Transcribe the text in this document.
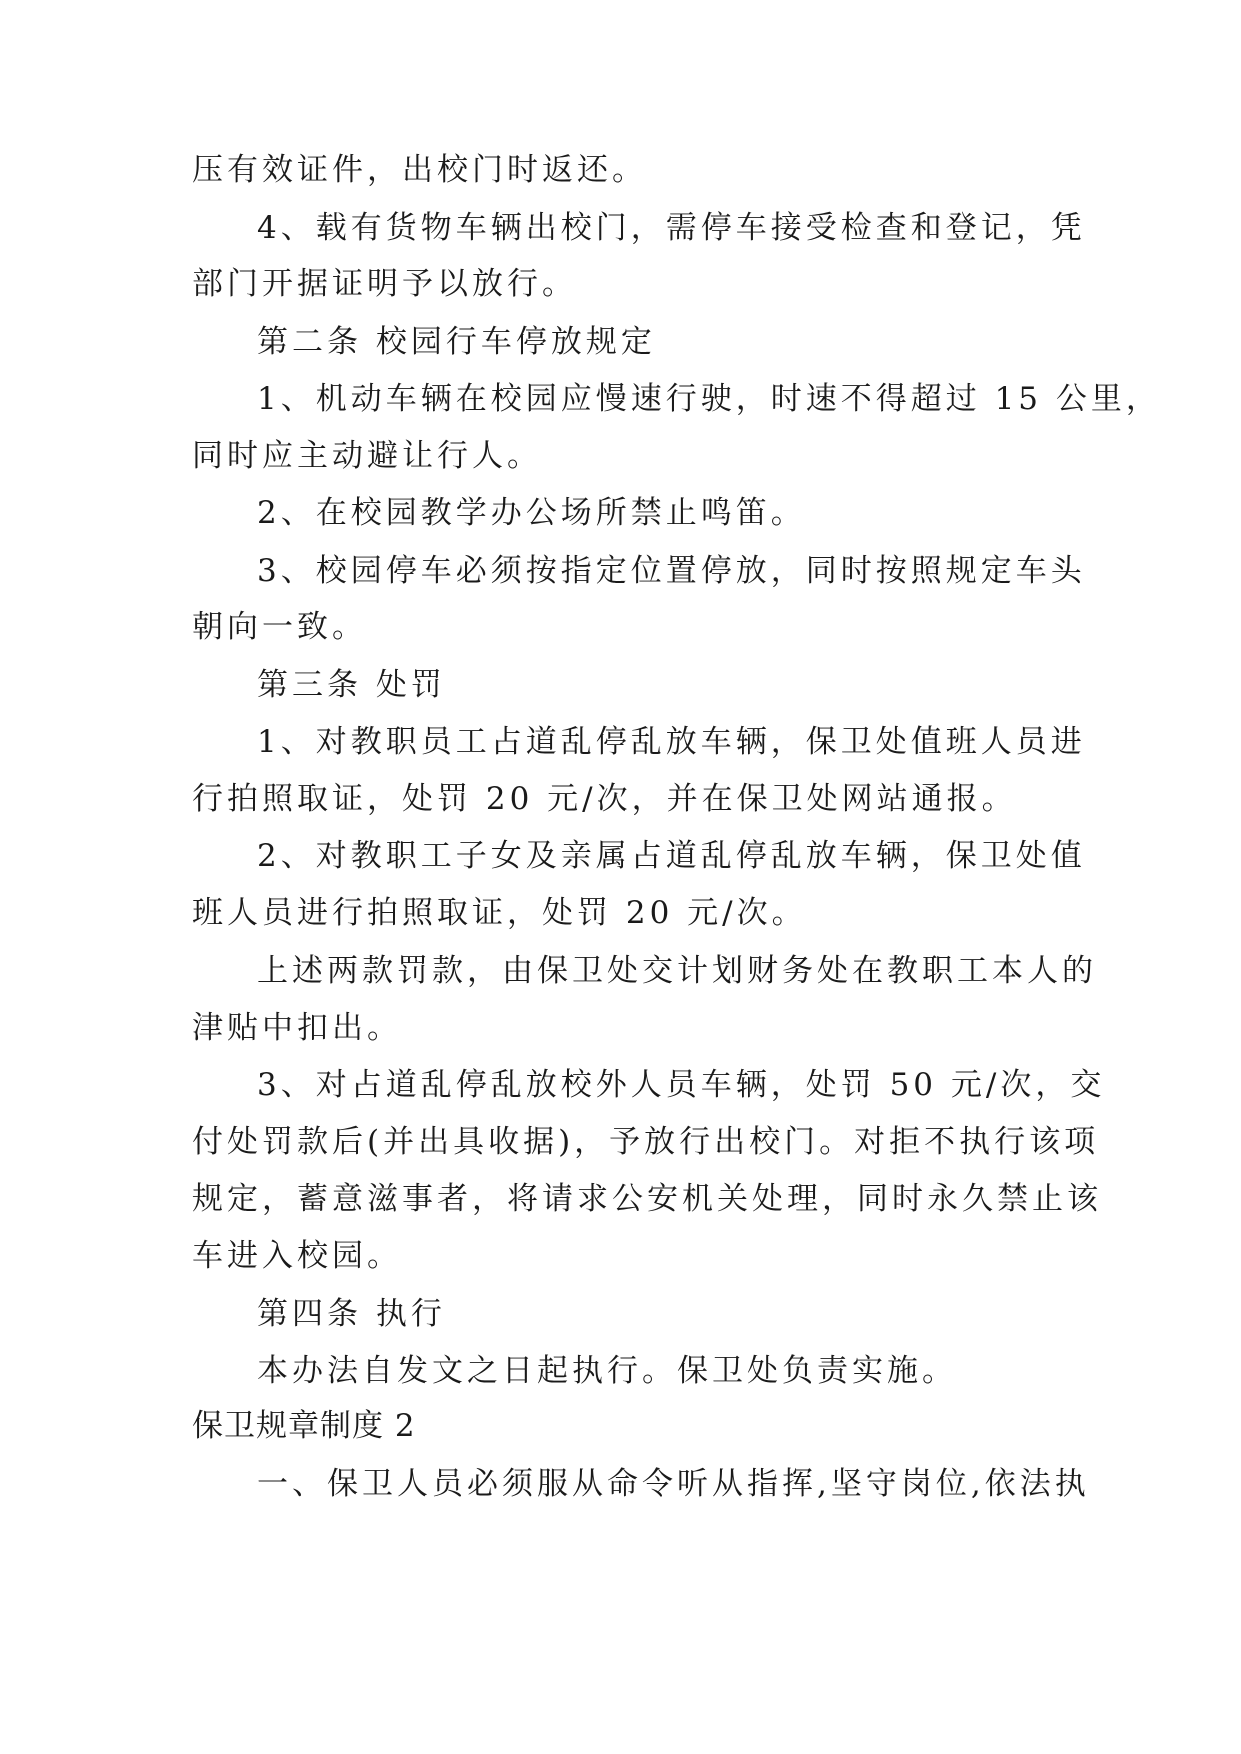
压有效证件，出校门时返还。
4、载有货物车辆出校门，需停车接受检查和登记，凭
部门开据证明予以放行。
第二条 校园行车停放规定
1、机动车辆在校园应慢速行驶，时速不得超过 15 公里，
同时应主动避让行人。
2、在校园教学办公场所禁止鸣笛。
3、校园停车必须按指定位置停放，同时按照规定车头
朝向一致。
第三条 处罚
1、对教职员工占道乱停乱放车辆，保卫处值班人员进
行拍照取证，处罚 20 元/次，并在保卫处网站通报。
2、对教职工子女及亲属占道乱停乱放车辆，保卫处值
班人员进行拍照取证，处罚 20 元/次。
上述两款罚款，由保卫处交计划财务处在教职工本人的
津贴中扣出。
3、对占道乱停乱放校外人员车辆，处罚 50 元/次，交
付处罚款后(并出具收据)，予放行出校门。对拒不执行该项
规定，蓄意滋事者，将请求公安机关处理，同时永久禁止该
车进入校园。
第四条 执行
本办法自发文之日起执行。保卫处负责实施。
保卫规章制度 2
一、保卫人员必须服从命令听从指挥,坚守岗位,依法执
